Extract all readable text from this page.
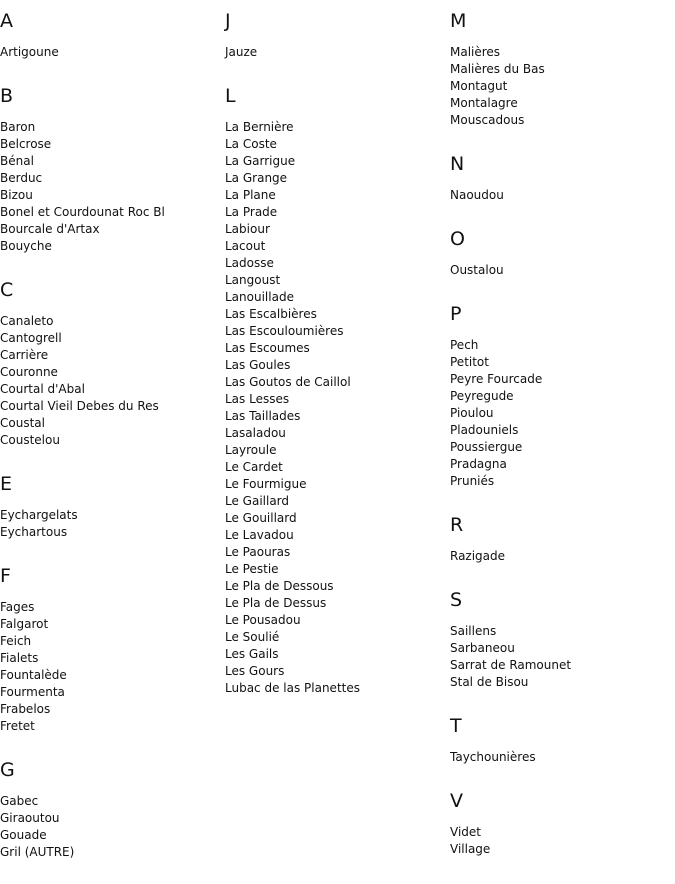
A
Artigoune
B
Baron
Belcrose
Bénal
Berduc
Bizou
Bonel et Courdounat Roc Bl
Bourcale d'Artax
Bouyche
C
Canaleto
Cantogrell
Carrière
Couronne
Courtal d'Abal
Courtal Vieil Debes du Res
Coustal
Coustelou
E
Eychargelats
Eychartous
F
Fages
Falgarot
Feich
Fialets
Fountalède
Fourmenta
Frabelos
Fretet
G
Gabec
Giraoutou
Gouade
Gril (AUTRE)
J
Jauze
L
La Bernière
La Coste
La Garrigue
La Grange
La Plane
La Prade
Labiour
Lacout
Ladosse
Langoust
Lanouillade
Las Escalbières
Las Escouloumières
Las Escoumes
Las Goules
Las Goutos de Caillol
Las Lesses
Las Taillades
Lasaladou
Layroule
Le Cardet
Le Fourmigue
Le Gaillard
Le Gouillard
Le Lavadou
Le Paouras
Le Pestie
Le Pla de Dessous
Le Pla de Dessus
Le Pousadou
Le Soulié
Les Gails
Les Gours
Lubac de las Planettes
M
Malières
Malières du Bas
Montagut
Montalagre
Mouscadous
N
Naoudou
O
Oustalou
P
Pech
Petitot
Peyre Fourcade
Peyregude
Pioulou
Pladouniels
Poussiergue
Pradagna
Pruniés
R
Razigade
S
Saillens
Sarbaneou
Sarrat de Ramounet
Stal de Bisou
T
Taychounières
V
Videt
Village
